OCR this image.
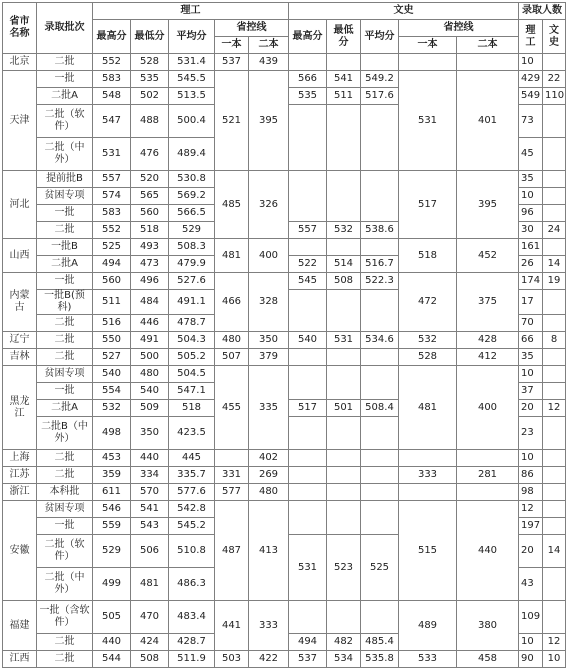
省市名称	录取批次	理工					文史					录取人数	
		最高分	最低分	平均分	省控线		最高分	最低分	平均分	省控线		理工	文史
					一本	二本				一本	二本		
北京	二批	552	528	531.4	537	439						10	
天津	一批	583	535	545.5	521	395	566	541	549.2	531	401	429	22
	二批A	548	502	513.5			535	511	517.6			549	110
	二批（软件）	547	488	500.4								73	
	二批（中外）	531	476	489.4								45	
河北	提前批B	557	520	530.8	485	326				517	395	35	
	贫困专项	574	565	569.2								10	
	一批	583	560	566.5								96	
	二批	552	518	529			557	532	538.6			30	24
山西	一批B	525	493	508.3	481	400				518	452	161	
	二批A	494	473	479.9			522	514	516.7			26	14
内蒙古	一批	560	496	527.6	466	328	545	508	522.3	472	375	174	19
	一批B(预科)	511	484	491.1								17	
	二批	516	446	478.7								70	
辽宁	二批	550	491	504.3	480	350	540	531	534.6	532	428	66	8
吉林	二批	527	500	505.2	507	379				528	412	35	
黑龙江	贫困专项	540	480	504.5	455	335				481	400	10	
	一批	554	540	547.1								37	
	二批A	532	509	518			517	501	508.4			20	12
	二批B（中外）	498	350	423.5								23	
上海	二批	453	440	445		402						10	
江苏	二批	359	334	335.7	331	269				333	281	86	
浙江	本科批	611	570	577.6	577	480						98	
安徽	贫困专项	546	541	542.8	487	413				515	440	12	
	一批	559	543	545.2								197	
	二批（软件）	529	506	510.8			531	523	525			20	14
	二批（中外）	499	481	486.3								43	
福建	一批（含软件）	505	470	483.4	441	333				489	380	109	
	二批	440	424	428.7			494	482	485.4			10	12
江西	二批	544	508	511.9	503	422	537	534	535.8	533	458	90	10
